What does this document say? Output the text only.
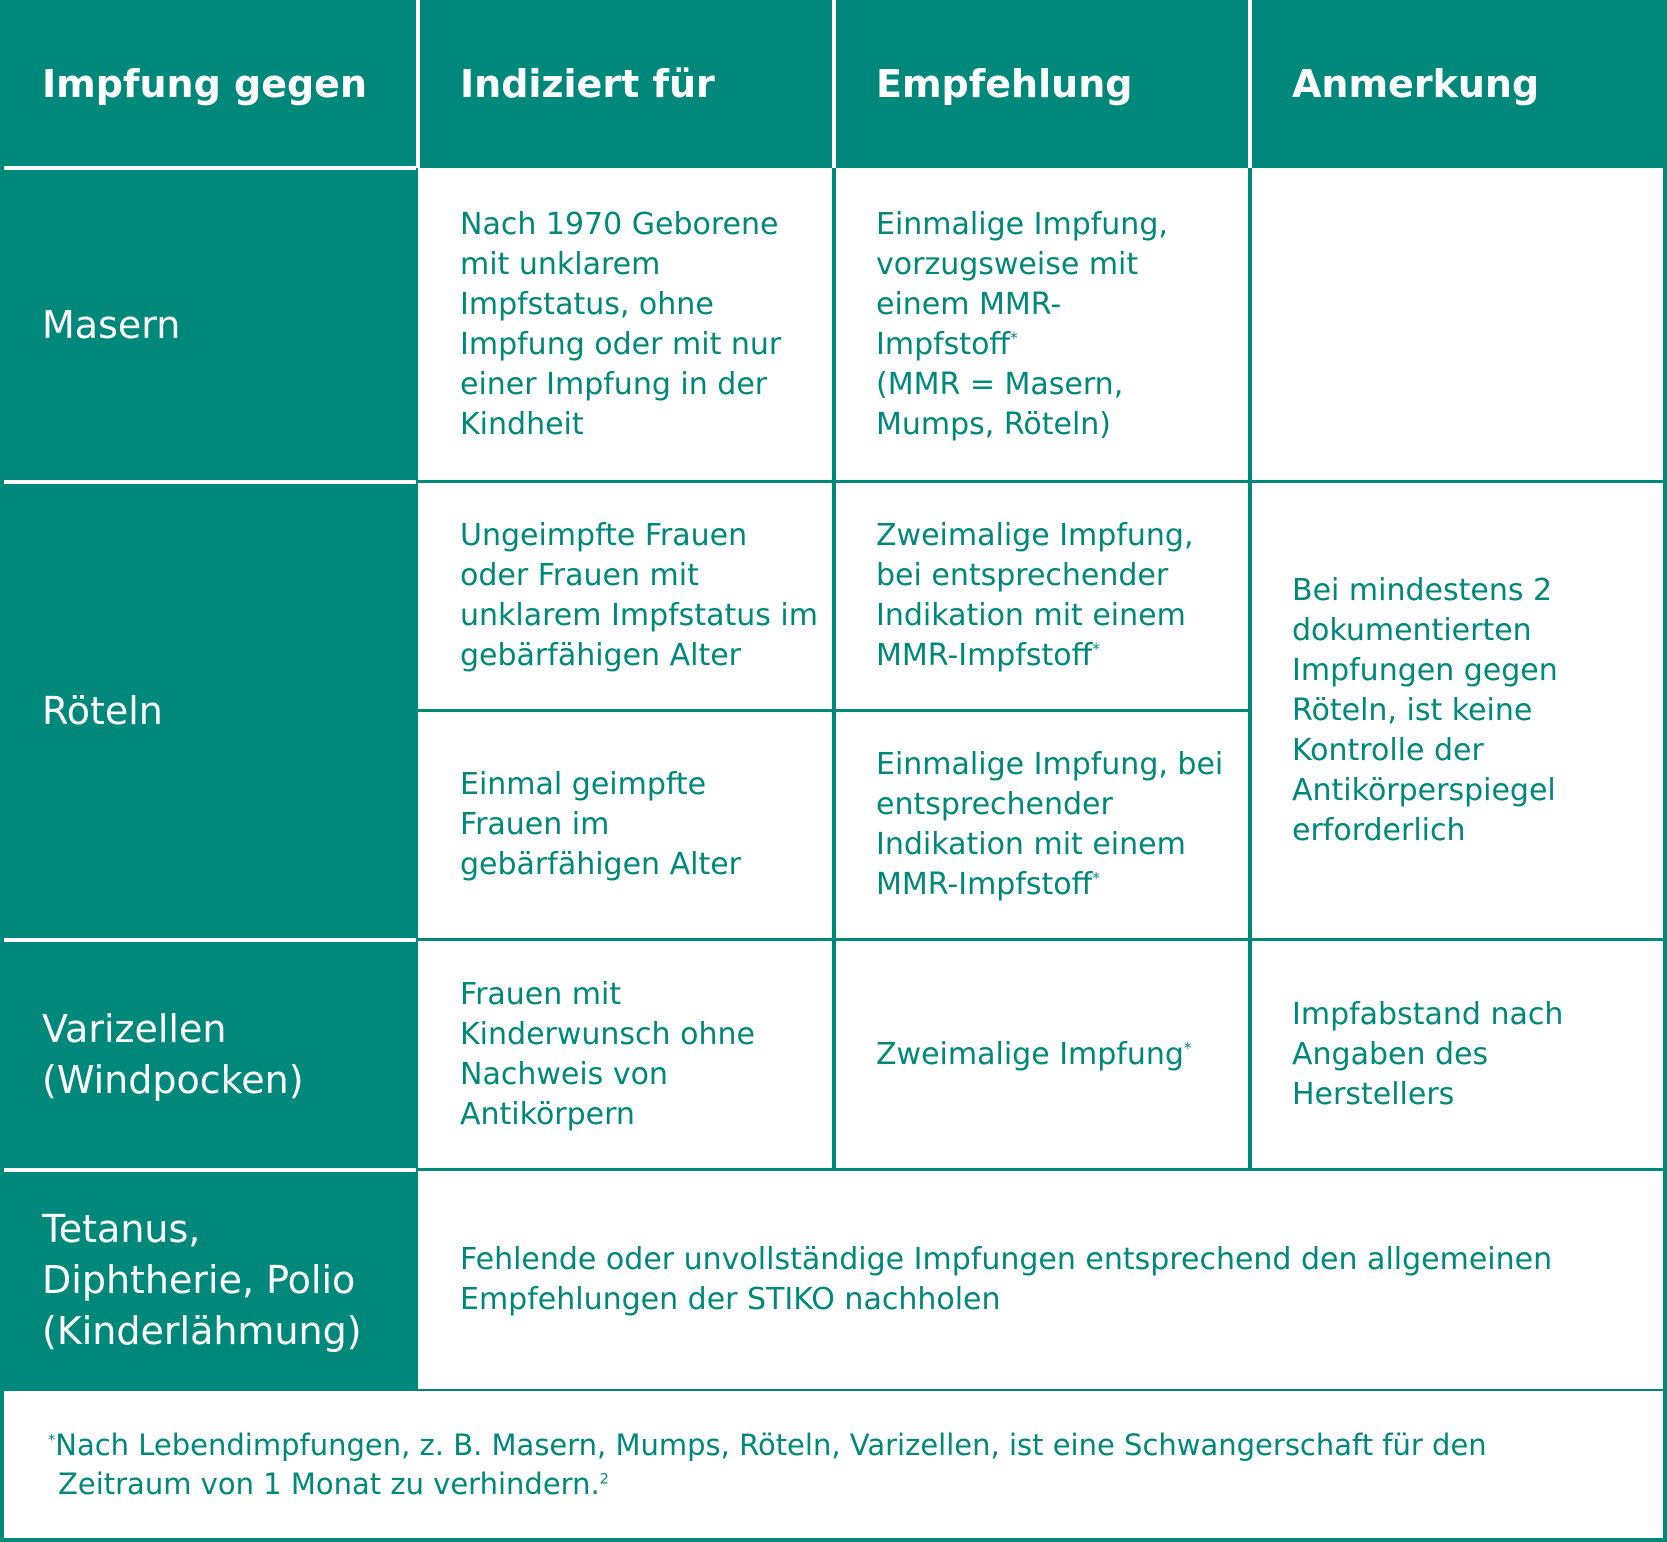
Impfung gegen Indiziert für	Empfehlung	Anmerkung
Masern
Nach 1970 Geborene mit unklarem Impfstatus, ohne Impfung oder mit nur einer Impfung in der Kindheit
Einmalige Impfung, vorzugsweise mit einem MMR-Impfstoff*
(MMR = Masern, Mumps, Röteln)
Röteln
Ungeimpfte Frauen oder Frauen mit unklarem Impfstatus im gebärfähigen Alter
Zweimalige Impfung, bei entsprechender Indikation mit einem MMR-Impfstoff*
Einmal geimpfte Frauen im gebärfähigen Alter
Einmalige Impfung, bei entsprechender Indikation mit einem MMR-Impfstoff*
Bei mindestens 2 dokumentierten Impfungen gegen Röteln, ist keine Kontrolle der Antikörperspiegel erforderlich
Varizellen
(Windpocken)
Frauen mit Kinderwunsch ohne Nachweis von Antikörpern
Zweimalige Impfung*
Impfabstand nach Angaben des Herstellers
Tetanus,
Diphtherie, Polio
(Kinderlähmung)
Fehlende oder unvollständige Impfungen entsprechend den allgemeinen Empfehlungen der STIKO nachholen
*Nach Lebendimpfungen, z. B. Masern, Mumps, Röteln, Varizellen, ist eine Schwangerschaft für den
Zeitraum von 1 Monat zu verhindern.$^2$
